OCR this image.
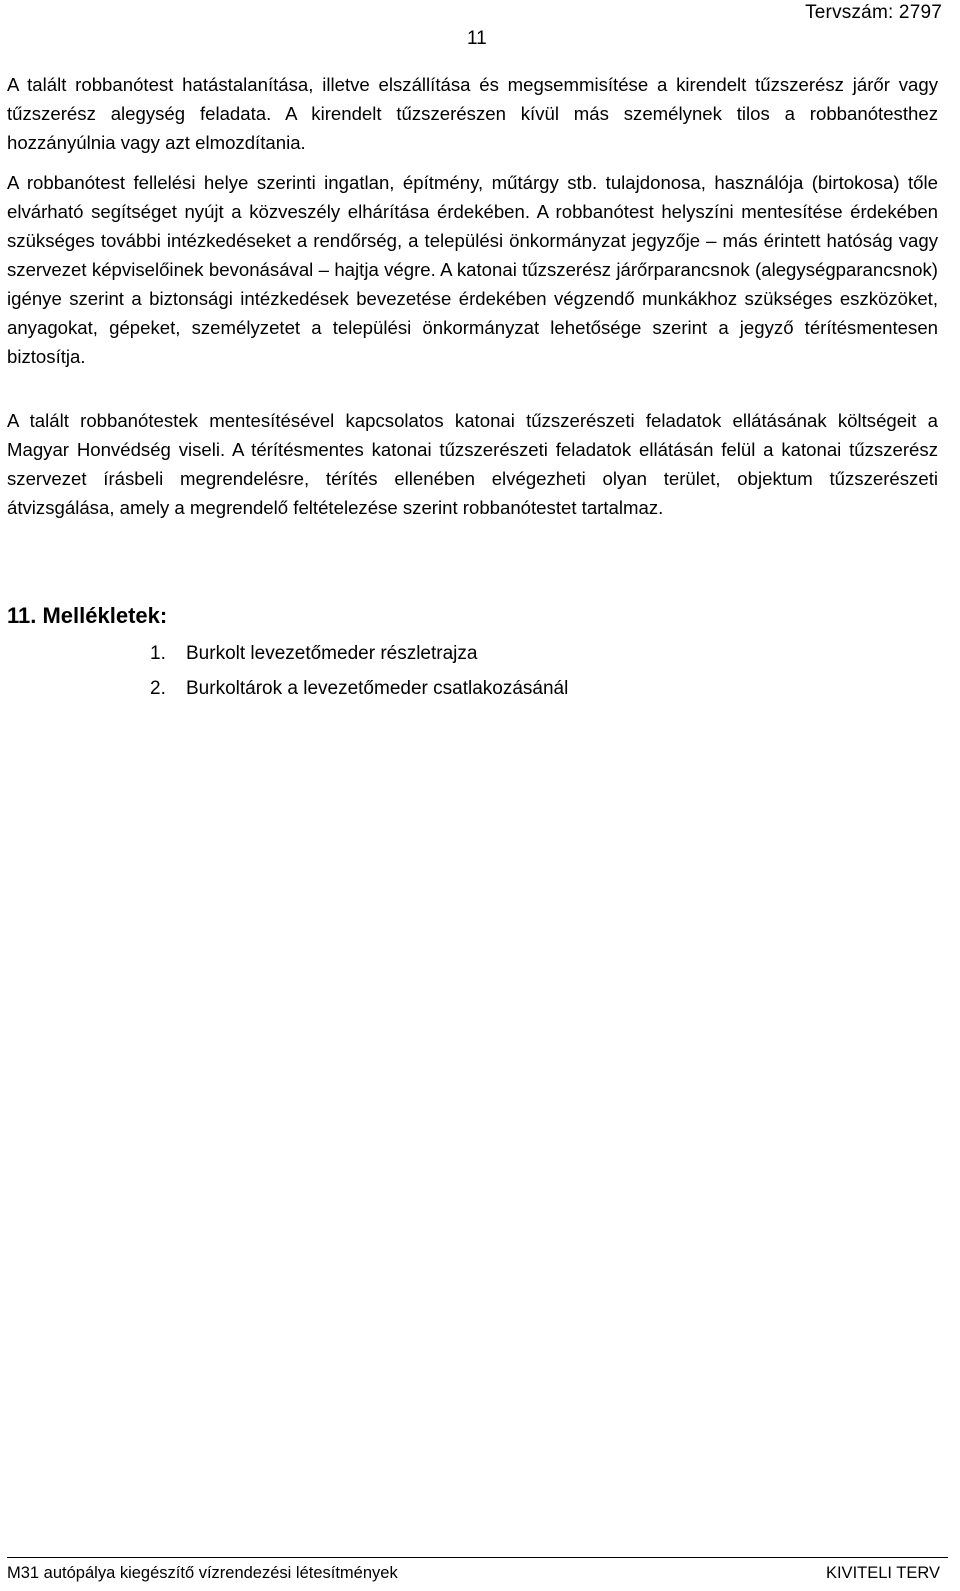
Tervszám: 2797
11

A talált robbanótest hatástalanítása, illetve elszállítása és megsemmisítése a kirendelt tűzszerész járőr vagy tűzszerész alegység feladata. A kirendelt tűzszerészen kívül más személynek tilos a robbanótesthez hozzányúlnia vagy azt elmozdítania.

A robbanótest fellelési helye szerinti ingatlan, építmény, műtárgy stb. tulajdonosa, használója (birtokosa) tőle elvárható segítséget nyújt a közveszély elhárítása érdekében. A robbanótest helyszíni mentesítése érdekében szükséges további intézkedéseket a rendőrség, a települési önkormányzat jegyzője – más érintett hatóság vagy szervezet képviselőinek bevonásával – hajtja végre. A katonai tűzszerész járőrparancsnok (alegységparancsnok) igénye szerint a biztonsági intézkedések bevezetése érdekében végzendő munkákhoz szükséges eszközöket, anyagokat, gépeket, személyzetet a települési önkormányzat lehetősége szerint a jegyző térítésmentesen biztosítja.

A talált robbanótestek mentesítésével kapcsolatos katonai tűzszerészeti feladatok ellátásának költségeit a Magyar Honvédség viseli. A térítésmentes katonai tűzszerészeti feladatok ellátásán felül a katonai tűzszerész szervezet írásbeli megrendelésre, térítés ellenében elvégezheti olyan terület, objektum tűzszerészeti átvizsgálása, amely a megrendelő feltételezése szerint robbanótestet tartalmaz.

11. Mellékletek:
1.	Burkolt levezetőmeder részletrajza
2.	Burkoltárok a levezetőmeder csatlakozásánál
M31 autópálya kiegészítő vízrendezési létesítmények	KIVITELI TERV
